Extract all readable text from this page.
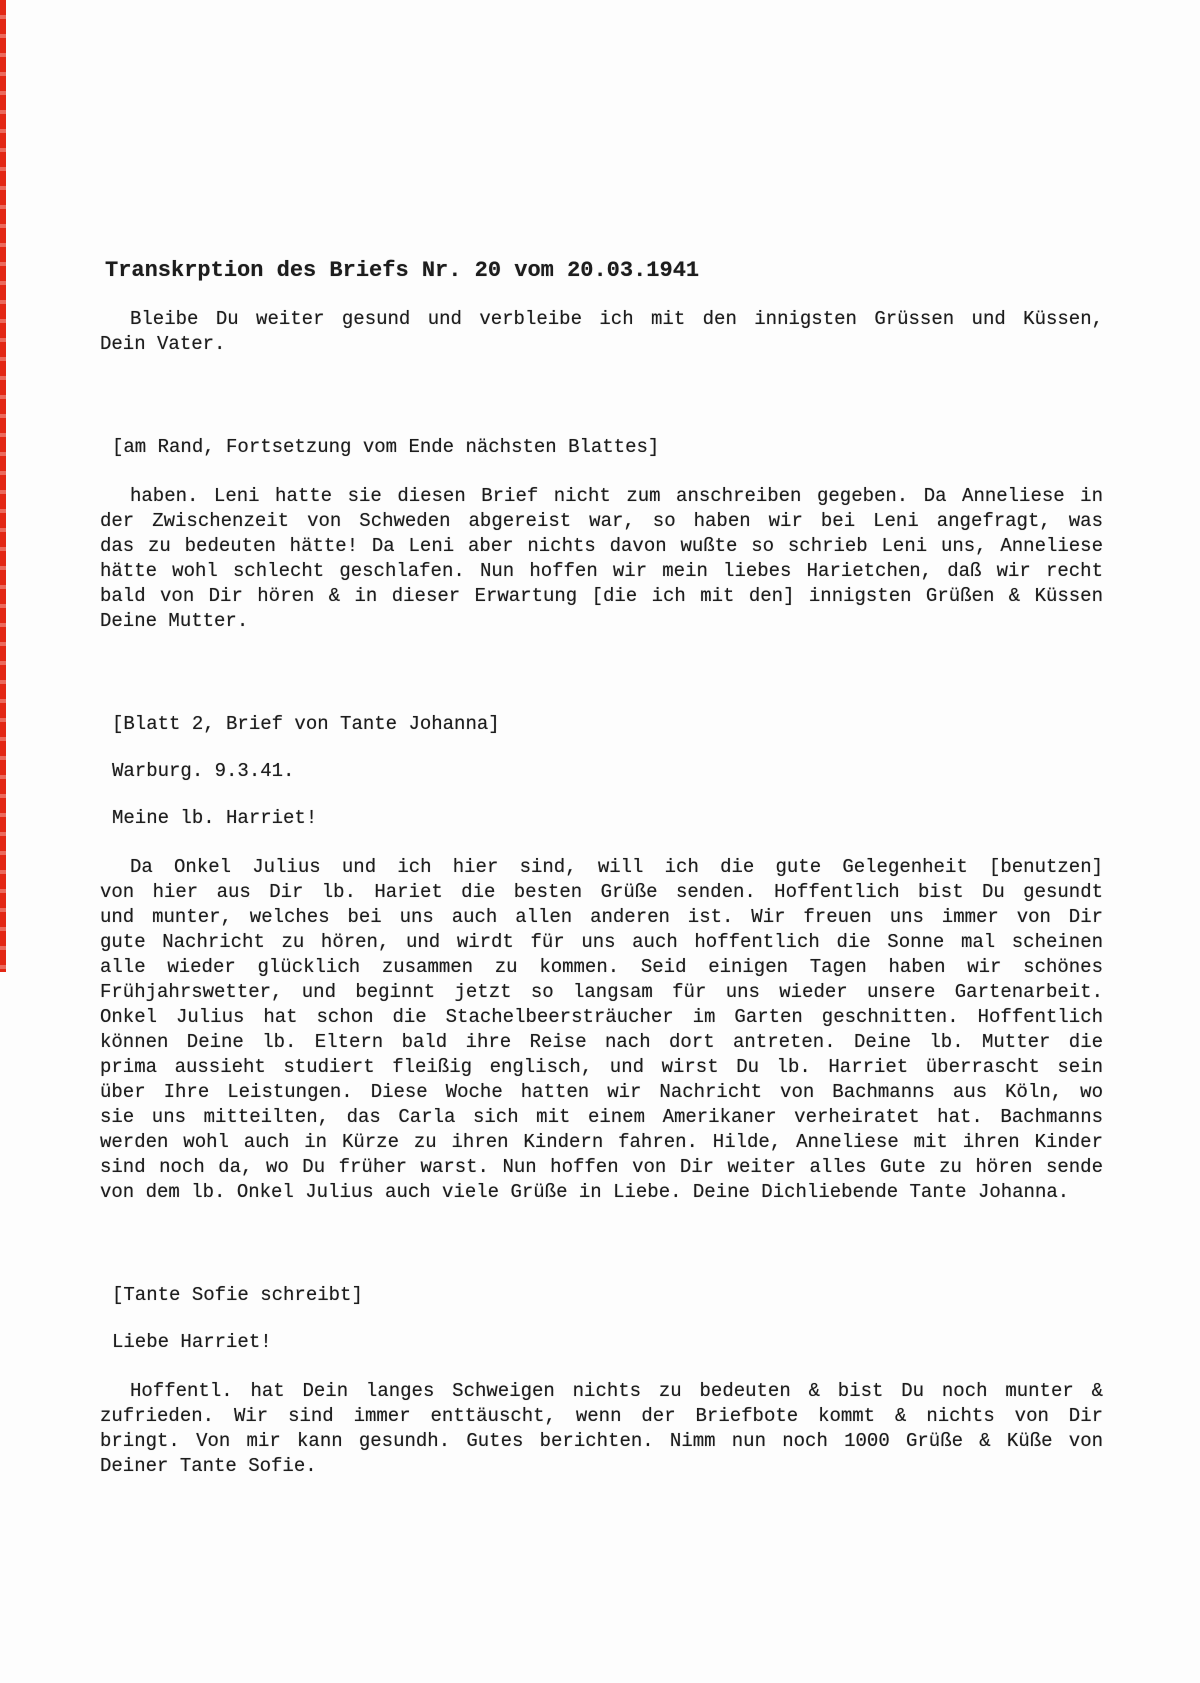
Transkrption des Briefs Nr. 20 vom 20.03.1941
Bleibe Du weiter gesund und verbleibe ich mit den innigsten Grüssen und Küssen,
Dein Vater.
[am Rand, Fortsetzung vom Ende nächsten Blattes]
haben. Leni hatte sie diesen Brief nicht zum anschreiben gegeben. Da Anneliese in
der Zwischenzeit von Schweden abgereist war, so haben wir bei Leni angefragt, was
das zu bedeuten hätte! Da Leni aber nichts davon wußte so schrieb Leni uns, Anneliese
hätte wohl schlecht geschlafen. Nun hoffen wir mein liebes Harietchen, daß wir recht
bald von Dir hören & in dieser Erwartung [die ich mit den] innigsten Grüßen & Küssen
Deine Mutter.
[Blatt 2, Brief von Tante Johanna]
Warburg. 9.3.41.
Meine lb. Harriet!
Da Onkel Julius und ich hier sind, will ich die gute Gelegenheit [benutzen]
von hier aus Dir lb. Hariet die besten Grüße senden. Hoffentlich bist Du gesundt
und munter, welches bei uns auch allen anderen ist. Wir freuen uns immer von Dir
gute Nachricht zu hören, und wirdt für uns auch hoffentlich die Sonne mal scheinen
alle wieder glücklich zusammen zu kommen. Seid einigen Tagen haben wir schönes
Frühjahrswetter, und beginnt jetzt so langsam für uns wieder unsere Gartenarbeit.
Onkel Julius hat schon die Stachelbeersträucher im Garten geschnitten. Hoffentlich
können Deine lb. Eltern bald ihre Reise nach dort antreten. Deine lb. Mutter die
prima aussieht studiert fleißig englisch, und wirst Du lb. Harriet überrascht sein
über Ihre Leistungen. Diese Woche hatten wir Nachricht von Bachmanns aus Köln, wo
sie uns mitteilten, das Carla sich mit einem Amerikaner verheiratet hat. Bachmanns
werden wohl auch in Kürze zu ihren Kindern fahren. Hilde, Anneliese mit ihren Kinder
sind noch da, wo Du früher warst. Nun hoffen von Dir weiter alles Gute zu hören sende
von dem lb. Onkel Julius auch viele Grüße in Liebe. Deine Dichliebende Tante Johanna.
[Tante Sofie schreibt]
Liebe Harriet!
Hoffentl. hat Dein langes Schweigen nichts zu bedeuten & bist Du noch munter &
zufrieden. Wir sind immer enttäuscht, wenn der Briefbote kommt & nichts von Dir
bringt. Von mir kann gesundh. Gutes berichten. Nimm nun noch 1000 Grüße & Küße von
Deiner Tante Sofie.
